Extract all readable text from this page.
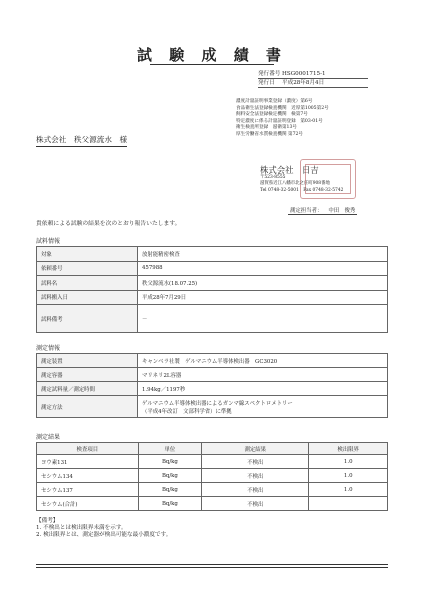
試 験 成 績 書
発行番号 HSG0001715-1
発行日	平成28年8月4日
濃度計量証明事業登録（濃度）第6号
食品衛生法登録検査機関　近厚第1005第2号
飼料安全法登録検定機関　検第7号
特定濃度に係る計量証明登録　第03-01号
衛生検査所登録　滋衛第13号
厚生労働省水質検査機関 第72号
株式会社　秩父源流水　様
株式会社　日吉
〒523-8555
滋賀県近江八幡市北之庄町908番地
Tel 0748-32-5001　Fax 0748-32-5742
測定担当者： 中田　俊秀
貴依頼による試験の結果を次のとおり報告いたします。
試料情報
対象	放射能精密検査
依頼番号	457988
試料名	秩父源流水(18.07.25)
試料搬入日	平成28年7月29日
試料備考	－
測定情報
測定装置	キャンベラ社製　ゲルマニウム半導体検出器　GC3020
測定容器	マリネリ2L容器
測定試料量／測定時間	1.94kg／1197秒
測定方法	ゲルマニウム半導体検出器によるガンマ線スペクトロメトリー
（平成4年改訂　文部科学省）に準拠
測定結果
検査項目	単位	測定結果	検出限界
ヨウ素131	Bq/kg	不検出	1.0
セシウム134	Bq/kg	不検出	1.0
セシウム137	Bq/kg	不検出	1.0
セシウム(合計)	Bq/kg	不検出	
【備考】
1. 不検出とは検出限界未満を示す。
2. 検出限界とは、測定器が検出可能な最小濃度です。
